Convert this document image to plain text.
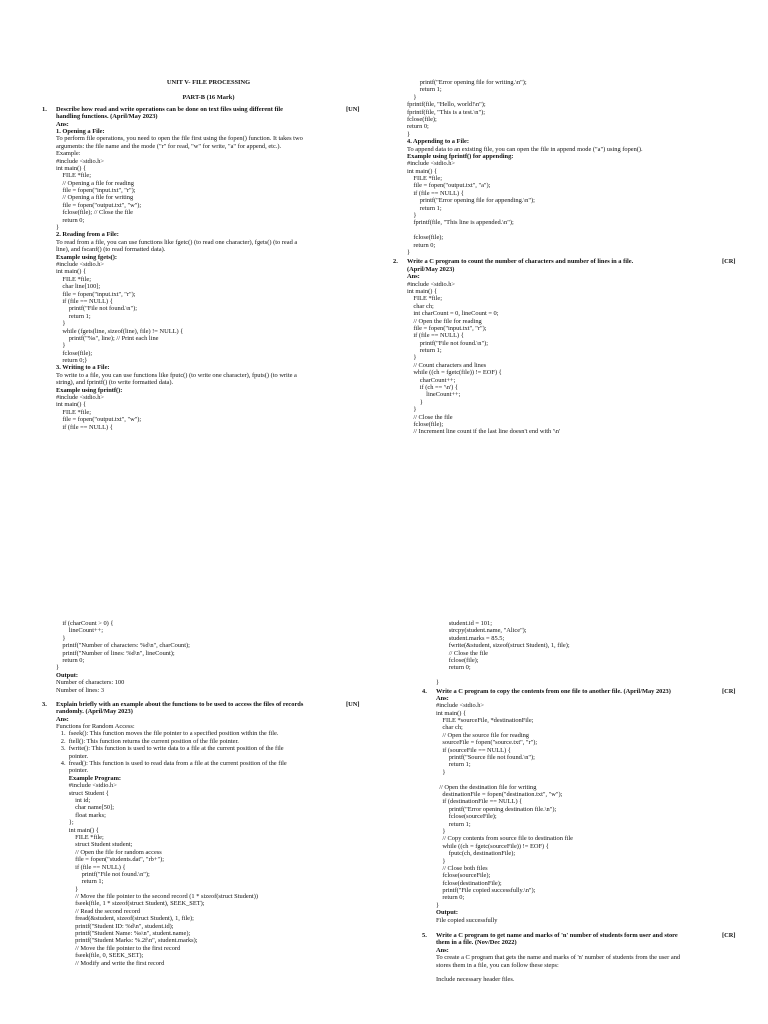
UNIT V- FILE PROCESSING
PART-B (16 Mark)
1.	[UN]
Describe how read and write operations can be done on text files using different file
handling functions. (April/May 2023)
Ans:
1. Opening a File:
To perform file operations, you need to open the file first using the fopen() function. It takes two
arguments: the file name and the mode ("r" for read, "w" for write, "a" for append, etc.).
Example:
#include <stdio.h>
int main() {
FILE *file;
// Opening a file for reading
file = fopen("input.txt", "r");
// Opening a file for writing
file = fopen("output.txt", "w");
fclose(file); // Close the file
return 0;
}
2. Reading from a File:
To read from a file, you can use functions like fgetc() (to read one character), fgets() (to read a
line), and fscanf() (to read formatted data).
Example using fgets():
#include <stdio.h>
int main() {
FILE *file;
char line[100];
file = fopen("input.txt", "r");
if (file == NULL) {
printf("File not found.\n");
return 1;
}
while (fgets(line, sizeof(line), file) != NULL) {
printf("%s", line); // Print each line
}
fclose(file);
return 0;}
3. Writing to a File:
To write to a file, you can use functions like fputc() (to write one character), fputs() (to write a
string), and fprintf() (to write formatted data).
Example using fprintf():
#include <stdio.h>
int main() {
FILE *file;
file = fopen("output.txt", "w");
if (file == NULL) {
printf("Error opening file for writing.\n");
return 1;
}
fprintf(file, "Hello, world!\n");
fprintf(file, "This is a test.\n");
fclose(file);
return 0;
}
4. Appending to a File:
To append data to an existing file, you can open the file in append mode ("a") using fopen().
Example using fprintf() for appending:
#include <stdio.h>
int main() {
FILE *file;
file = fopen("output.txt", "a");
if (file == NULL) {
printf("Error opening file for appending.\n");
return 1;
}
fprintf(file, "This line is appended.\n");
fclose(file);
return 0;
}
2.	[CR]
Write a C program to count the number of characters and number of lines in a file.
(April/May 2023)
Ans:
#include <stdio.h>
int main() {
FILE *file;
char ch;
int charCount = 0, lineCount = 0;
// Open the file for reading
file = fopen("input.txt", "r");
if (file == NULL) {
printf("File not found.\n");
return 1;
}
// Count characters and lines
while ((ch = fgetc(file)) != EOF) {
charCount++;
if (ch == '\n') {
lineCount++;
}
}
// Close the file
fclose(file);
// Increment line count if the last line doesn't end with '\n'
if (charCount > 0) {
lineCount++;
}
printf("Number of characters: %d\n", charCount);
printf("Number of lines: %d\n", lineCount);
return 0;
}
Output:
Number of characters: 100
Number of lines: 3
3.	[UN]
Explain briefly with an example about the functions to be used to access the files of records
randomly. (April/May 2023)
Ans:
Functions for Random Access:
1.  fseek(): This function moves the file pointer to a specified position within the file.
2.  ftell(): This function returns the current position of the file pointer.
3.  fwrite(): This function is used to write data to a file at the current position of the file
pointer.
4.  fread(): This function is used to read data from a file at the current position of the file
pointer.
Example Program:
#include <stdio.h>
struct Student {
int id;
char name[50];
float marks;
};
int main() {
FILE *file;
struct Student student;
// Open the file for random access
file = fopen("students.dat", "rb+");
if (file == NULL) {
printf("File not found.\n");
return 1;
}
// Move the file pointer to the second record (1 * sizeof(struct Student))
fseek(file, 1 * sizeof(struct Student), SEEK_SET);
// Read the second record
fread(&student, sizeof(struct Student), 1, file);
printf("Student ID: %d\n", student.id);
printf("Student Name: %s\n", student.name);
printf("Student Marks: %.2f\n", student.marks);
// Move the file pointer to the first record
fseek(file, 0, SEEK_SET);
// Modify and write the first record
student.id = 101;
strcpy(student.name, "Alice");
student.marks = 85.5;
fwrite(&student, sizeof(struct Student), 1, file);
// Close the file
fclose(file);
return 0;
}
4.	[CR]
Write a C program to copy the contents from one file to another file. (April/May 2023)
Ans:
#include <stdio.h>
int main() {
FILE *sourceFile, *destinationFile;
char ch;
// Open the source file for reading
sourceFile = fopen("source.txt", "r");
if (sourceFile == NULL) {
printf("Source file not found.\n");
return 1;
}
// Open the destination file for writing
destinationFile = fopen("destination.txt", "w");
if (destinationFile == NULL) {
printf("Error opening destination file.\n");
fclose(sourceFile);
return 1;
}
// Copy contents from source file to destination file
while ((ch = fgetc(sourceFile)) != EOF) {
fputc(ch, destinationFile);
}
// Close both files
fclose(sourceFile);
fclose(destinationFile);
printf("File copied successfully.\n");
return 0;
}
Output:
File copied successfully
5.	[CR]
Write a C program to get name and marks of 'n' number of students form user and store
them in a file. (Nov/Dec 2022)
Ans:
To create a C program that gets the name and marks of 'n' number of students from the user and
stores them in a file, you can follow these steps:
Include necessary header files.
